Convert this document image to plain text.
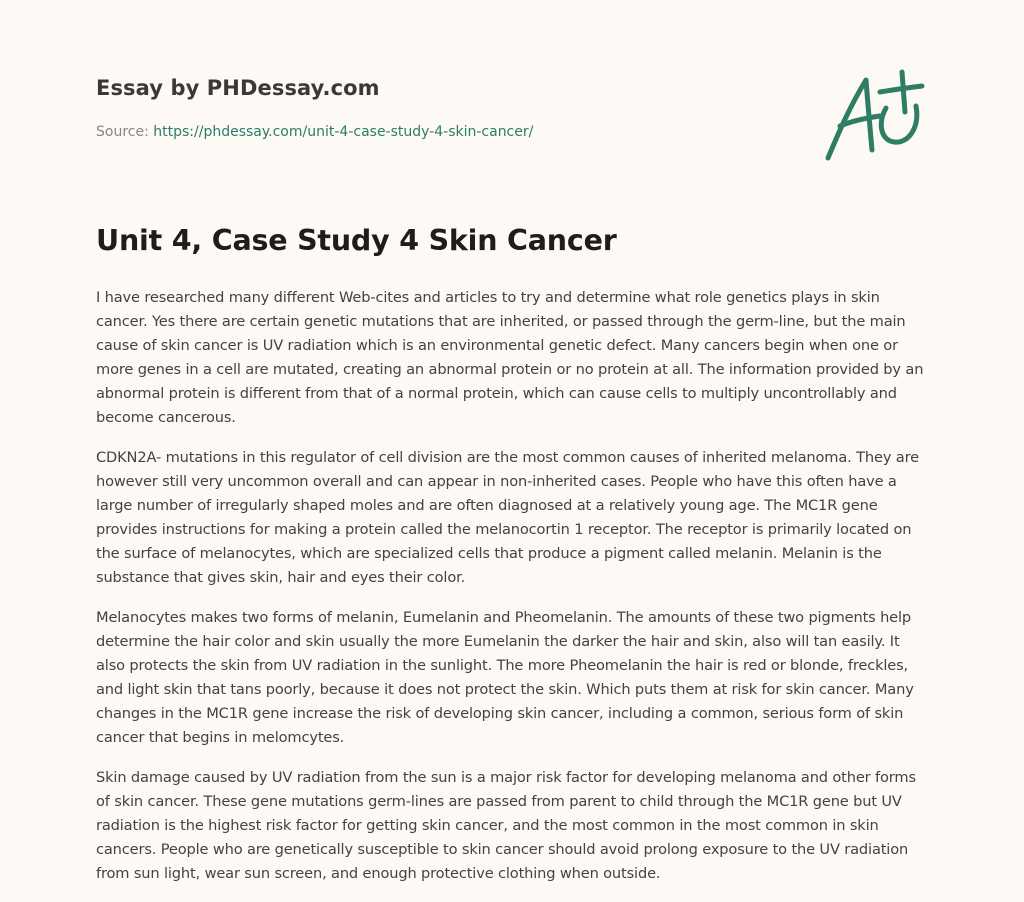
Essay by PHDessay.com
Source: https://phdessay.com/unit-4-case-study-4-skin-cancer/
Unit 4, Case Study 4 Skin Cancer

I have researched many different Web-cites and articles to try and determine what role genetics plays in skin cancer. Yes there are certain genetic mutations that are inherited, or passed through the germ-line, but the main cause of skin cancer is UV radiation which is an environmental genetic defect. Many cancers begin when one or more genes in a cell are mutated, creating an abnormal protein or no protein at all. The information provided by an abnormal protein is different from that of a normal protein, which can cause cells to multiply uncontrollably and become cancerous.

CDKN2A- mutations in this regulator of cell division are the most common causes of inherited melanoma. They are however still very uncommon overall and can appear in non-inherited cases. People who have this often have a large number of irregularly shaped moles and are often diagnosed at a relatively young age. The MC1R gene provides instructions for making a protein called the melanocortin 1 receptor. The receptor is primarily located on the surface of melanocytes, which are specialized cells that produce a pigment called melanin. Melanin is the substance that gives skin, hair and eyes their color.

Melanocytes makes two forms of melanin, Eumelanin and Pheomelanin. The amounts of these two pigments help determine the hair color and skin usually the more Eumelanin the darker the hair and skin, also will tan easily. It also protects the skin from UV radiation in the sunlight. The more Pheomelanin the hair is red or blonde, freckles, and light skin that tans poorly, because it does not protect the skin. Which puts them at risk for skin cancer. Many changes in the MC1R gene increase the risk of developing skin cancer, including a common, serious form of skin cancer that begins in melomcytes.

Skin damage caused by UV radiation from the sun is a major risk factor for developing melanoma and other forms of skin cancer. These gene mutations germ-lines are passed from parent to child through the MC1R gene but UV radiation is the highest risk factor for getting skin cancer, and the most common in the most common in skin cancers. People who are genetically susceptible to skin cancer should avoid prolong exposure to the UV radiation from sun light, wear sun screen, and enough protective clothing when outside.
